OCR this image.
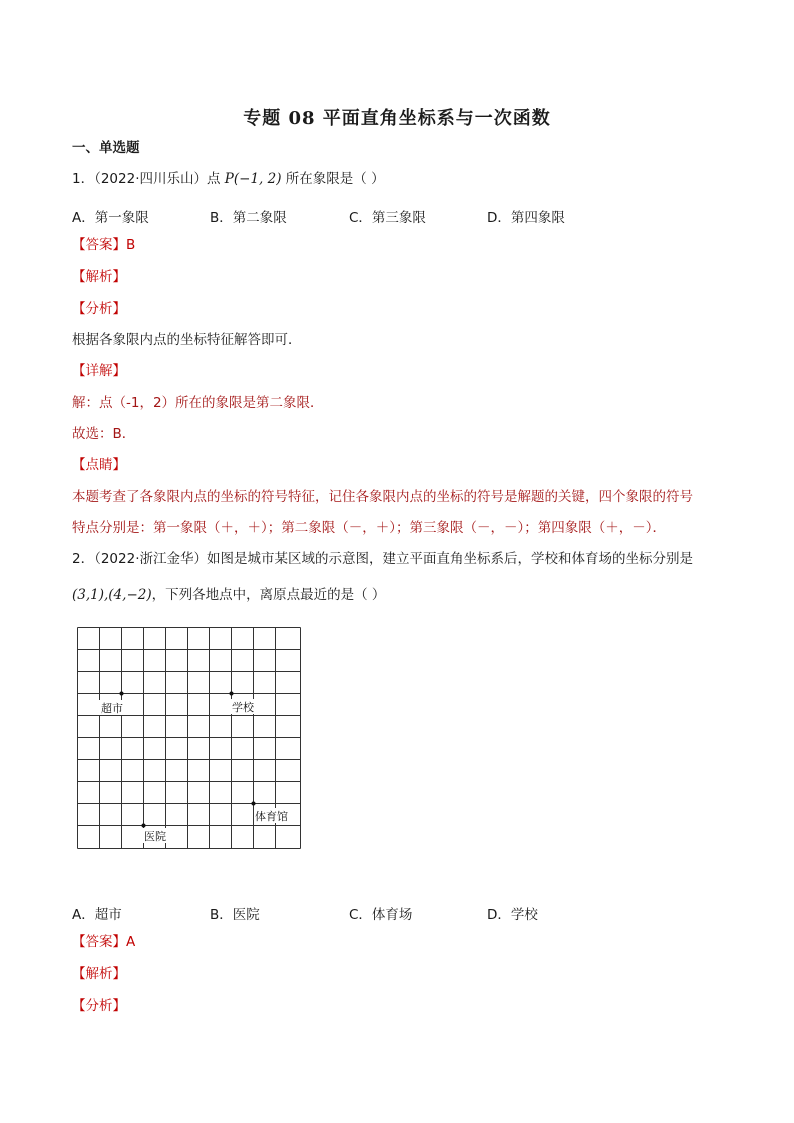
专题 08 平面直角坐标系与一次函数
一、单选题
1．（2022·四川乐山）点 P(−1, 2) 所在象限是（ ）
A．第一象限	B．第二象限	C．第三象限	D．第四象限
【答案】B
【解析】
【分析】
根据各象限内点的坐标特征解答即可．
【详解】
解：点（-1，2）所在的象限是第二象限．
故选：B．
【点睛】
本题考查了各象限内点的坐标的符号特征，记住各象限内点的坐标的符号是解题的关键，四个象限的符号
特点分别是：第一象限（＋，＋）；第二象限（－，＋）；第三象限（－，－）；第四象限（＋，－）．
2．（2022·浙江金华）如图是城市某区域的示意图，建立平面直角坐标系后，学校和体育场的坐标分别是
(3,1),(4,−2)，下列各地点中，离原点最近的是（ ）
超市	学校
体育馆
医院
A．超市	B．医院	C．体育场	D．学校
【答案】A
【解析】
【分析】
